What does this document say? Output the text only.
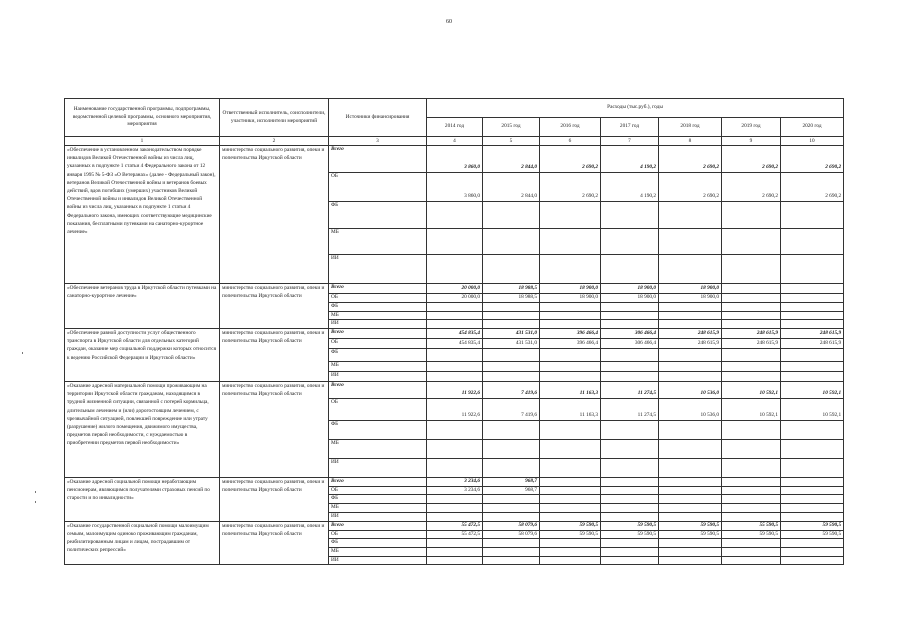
60
Наименование государственной программы, подпрограммы, ведомственной целевой программы, основного мероприятия, мероприятия	Ответственный исполнитель, соисполнители, участники, исполнители мероприятий	Источники финансирования	Расходы (тыс.руб.), годы						
			2014 год	2015 год	2016 год	2017 год	2018 год	2019 год	2020 год
1	2	3	4	5	6	7	8	9	10
«Обеспечение в установленном законодательством порядке инвалидов Великой Отечественной войны из числа лиц, указанных в подпункте 1 статьи 4 Федерального закона от 12 января 1995 № 5-ФЗ «О Ветеранах» (далее - Федеральный закон), ветеранов Великой Отечественной войны и ветеранов боевых действий, вдов погибших (умерших) участников Великой Отечественной войны и инвалидов Великой Отечественной войны из числа лиц, указанных в подпункте 1 статьи 4 Федерального закона, имеющих соответствующие медицинские показания, бесплатными путевками на санаторно-курортное лечение»	министерство социального развития, опеки и попечительства Иркутской области	Всего	3 860,0	2 844,0	2 690,2	4 190,2	2 690,2	2 690,2	2 690,2
		ОБ	3 860,0	2 844,0	2 690,2	4 190,2	2 690,2	2 690,2	2 690,2
		ФБ							
		МБ							
		ИИ							
«Обеспечение ветеранов труда в Иркутской области путевками на санаторно-курортное лечение»	министерство социального развития, опеки и попечительства Иркутской области	Всего	20 000,0	18 988,5	18 900,0	18 900,0	18 900,0		
		ОБ	20 000,0	18 988,5	18 900,0	18 900,0	18 900,0		
		ФБ							
		МБ							
		ИИ							
«Обеспечение равной доступности услуг общественного транспорта в Иркутской области для отдельных категорий граждан, оказание мер социальной поддержки которых относится к ведению Российской Федерации и Иркутской области»	министерство социального развития, опеки и попечительства Иркутской области	Всего	454 835,4	431 531,0	396 466,4	306 466,4	248 615,9	248 615,9	248 615,9
		ОБ	454 835,4	431 531,0	396 466,4	306 466,4	248 615,9	248 615,9	248 615,9
		ФБ							
		МБ							
		ИИ							
«Оказание адресной материальной помощи проживающим на территории Иркутской области гражданам, находящимся в трудной жизненной ситуации, связанной с потерей кормильца, длительным лечением и (или) дорогостоящим лечением, с чрезвычайной ситуацией, повлекшей повреждение или утрату (разрушение) жилого помещения, движимого имущества, предметов первой необходимости, с нуждаемостью в приобретении предметов первой необходимости»	министерство социального развития, опеки и попечительства Иркутской области	Всего	11 922,6	7 419,6	11 163,3	11 274,5	10 536,0	10 592,1	10 592,1
		ОБ	11 922,6	7 419,6	11 163,3	11 274,5	10 536,0	10 592,1	10 592,1
		ФБ							
		МБ							
		ИИ							
«Оказание адресной социальной помощи неработающим пенсионерам, являющимся получателями страховых пенсий по старости и по инвалидности»	министерство социального развития, опеки и попечительства Иркутской области	Всего	3 234,6	968,7					
		ОБ	3 234,6	968,7					
		ФБ							
		МБ							
		ИИ							
«Оказание государственной социальной помощи малоимущим семьям, малоимущим одиноко проживающим гражданам, реабилитированным лицам и лицам, пострадавшим от политических репрессий»	министерство социального развития, опеки и попечительства Иркутской области	Всего	55 472,5	58 079,6	59 590,5	59 590,5	59 590,5	55 590,5	59 590,5
		ОБ	55 472,5	58 079,6	59 590,5	59 590,5	59 590,5	59 590,5	59 590,5
		ФБ							
		МБ							
		ИИ							
